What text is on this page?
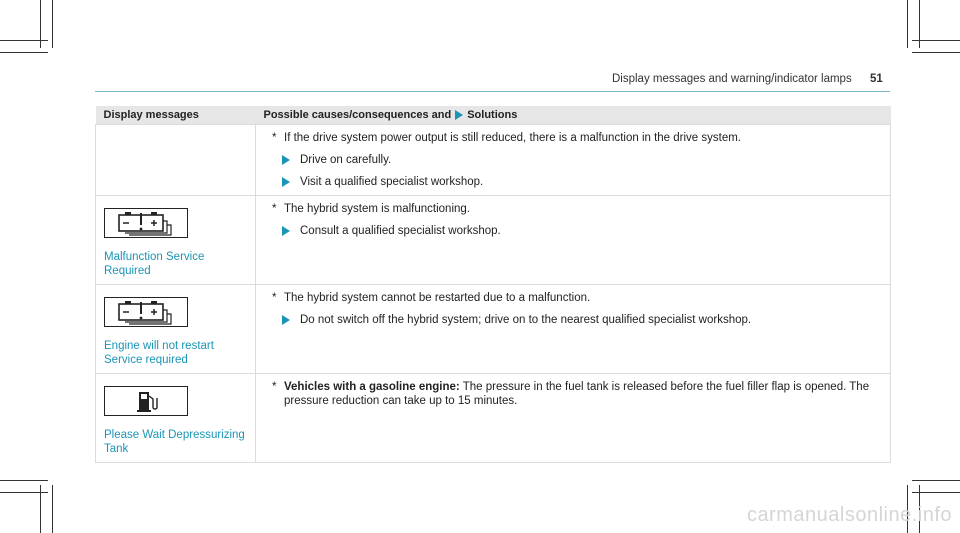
Display messages and warning/indicator lamps	51
Display messages	Possible causes/consequences and Solutions

	* If the drive system power output is still reduced, there is a malfunction in the drive system.
Drive on carefully.
Visit a qualified specialist workshop.

Malfunction Service Required	* The hybrid system is malfunctioning.
Consult a qualified specialist workshop.

Engine will not restart Service required	* The hybrid system cannot be restarted due to a malfunction.
Do not switch off the hybrid system; drive on to the nearest qualified specialist workshop.

Please Wait Depressurizing Tank	* Vehicles with a gasoline engine: The pressure in the fuel tank is released before the fuel filler flap is opened. The pressure reduction can take up to 15 minutes.
carmanualsonline.info
